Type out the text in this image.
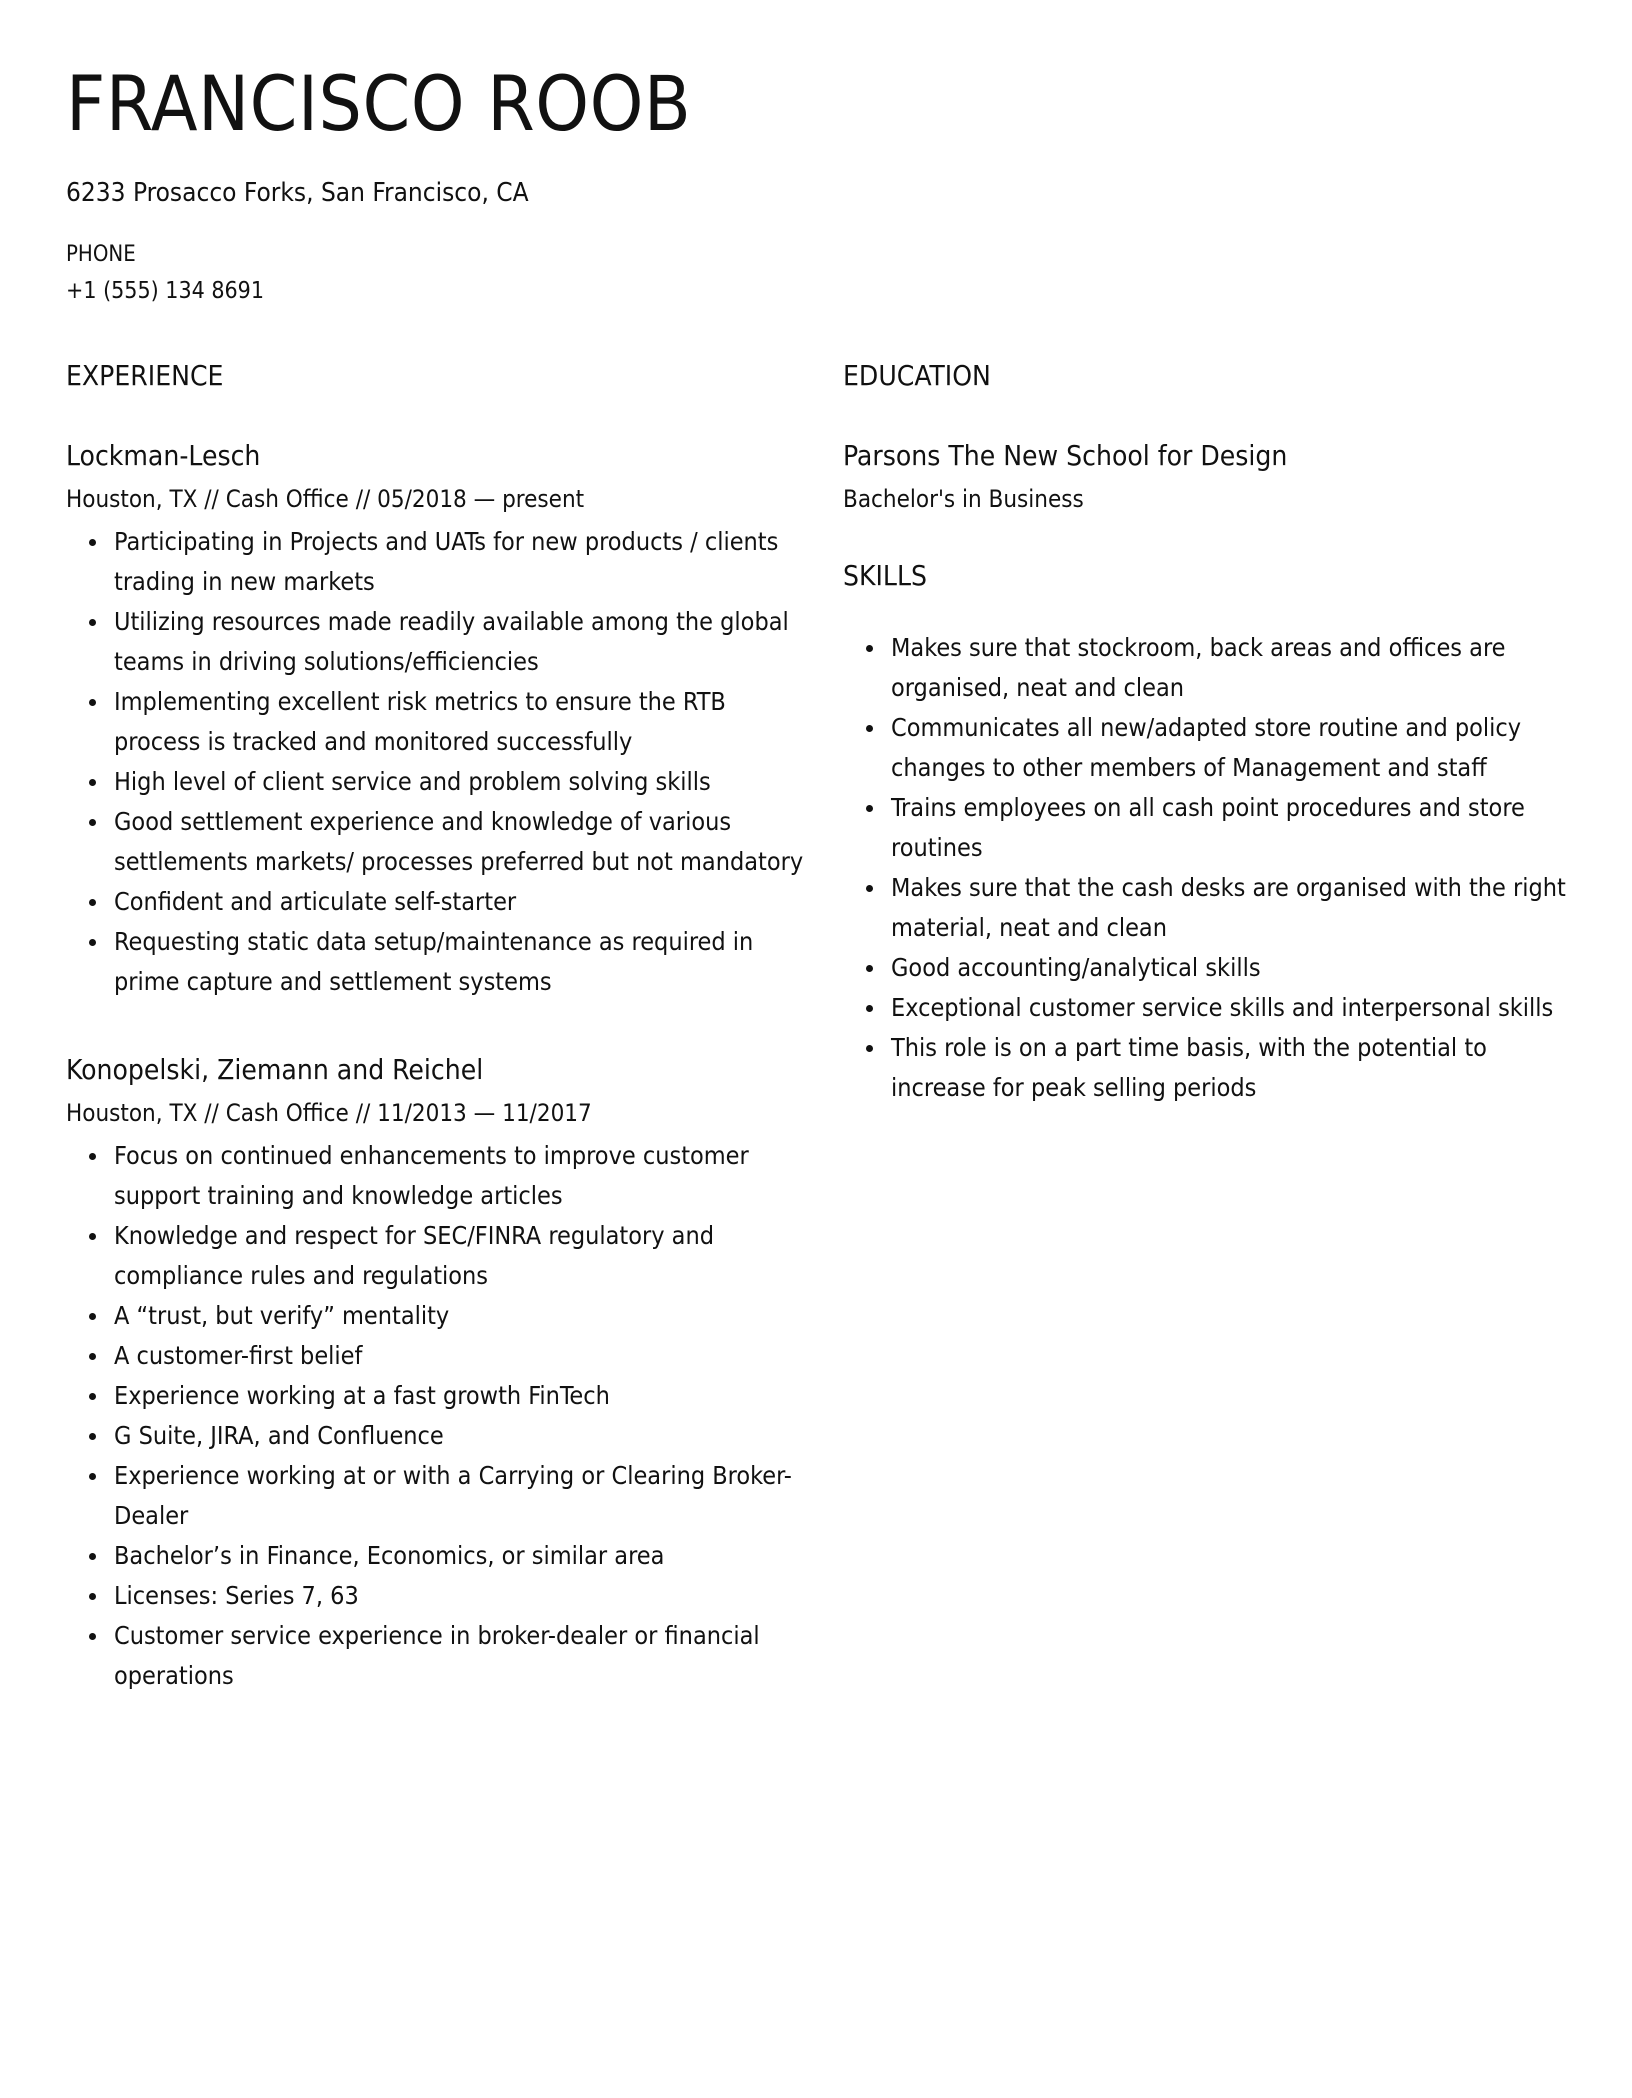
FRANCISCO ROOB
6233 Prosacco Forks, San Francisco, CA
PHONE
+1 (555) 134 8691
EXPERIENCE
Lockman-Lesch
Houston, TX // Cash Office // 05/2018 — present
Participating in Projects and UATs for new products / clients trading in new markets
Utilizing resources made readily available among the global teams in driving solutions/efficiencies
Implementing excellent risk metrics to ensure the RTB process is tracked and monitored successfully
High level of client service and problem solving skills
Good settlement experience and knowledge of various settlements markets/ processes preferred but not mandatory
Confident and articulate self-starter
Requesting static data setup/maintenance as required in prime capture and settlement systems
Konopelski, Ziemann and Reichel
Houston, TX // Cash Office // 11/2013 — 11/2017
Focus on continued enhancements to improve customer support training and knowledge articles
Knowledge and respect for SEC/FINRA regulatory and compliance rules and regulations
A “trust, but verify” mentality
A customer-first belief
Experience working at a fast growth FinTech
G Suite, JIRA, and Confluence
Experience working at or with a Carrying or Clearing Broker-Dealer
Bachelor’s in Finance, Economics, or similar area
Licenses: Series 7, 63
Customer service experience in broker-dealer or financial operations
EDUCATION
Parsons The New School for Design
Bachelor's in Business
SKILLS
Makes sure that stockroom, back areas and offices are organised, neat and clean
Communicates all new/adapted store routine and policy changes to other members of Management and staff
Trains employees on all cash point procedures and store routines
Makes sure that the cash desks are organised with the right material, neat and clean
Good accounting/analytical skills
Exceptional customer service skills and interpersonal skills
This role is on a part time basis, with the potential to increase for peak selling periods
